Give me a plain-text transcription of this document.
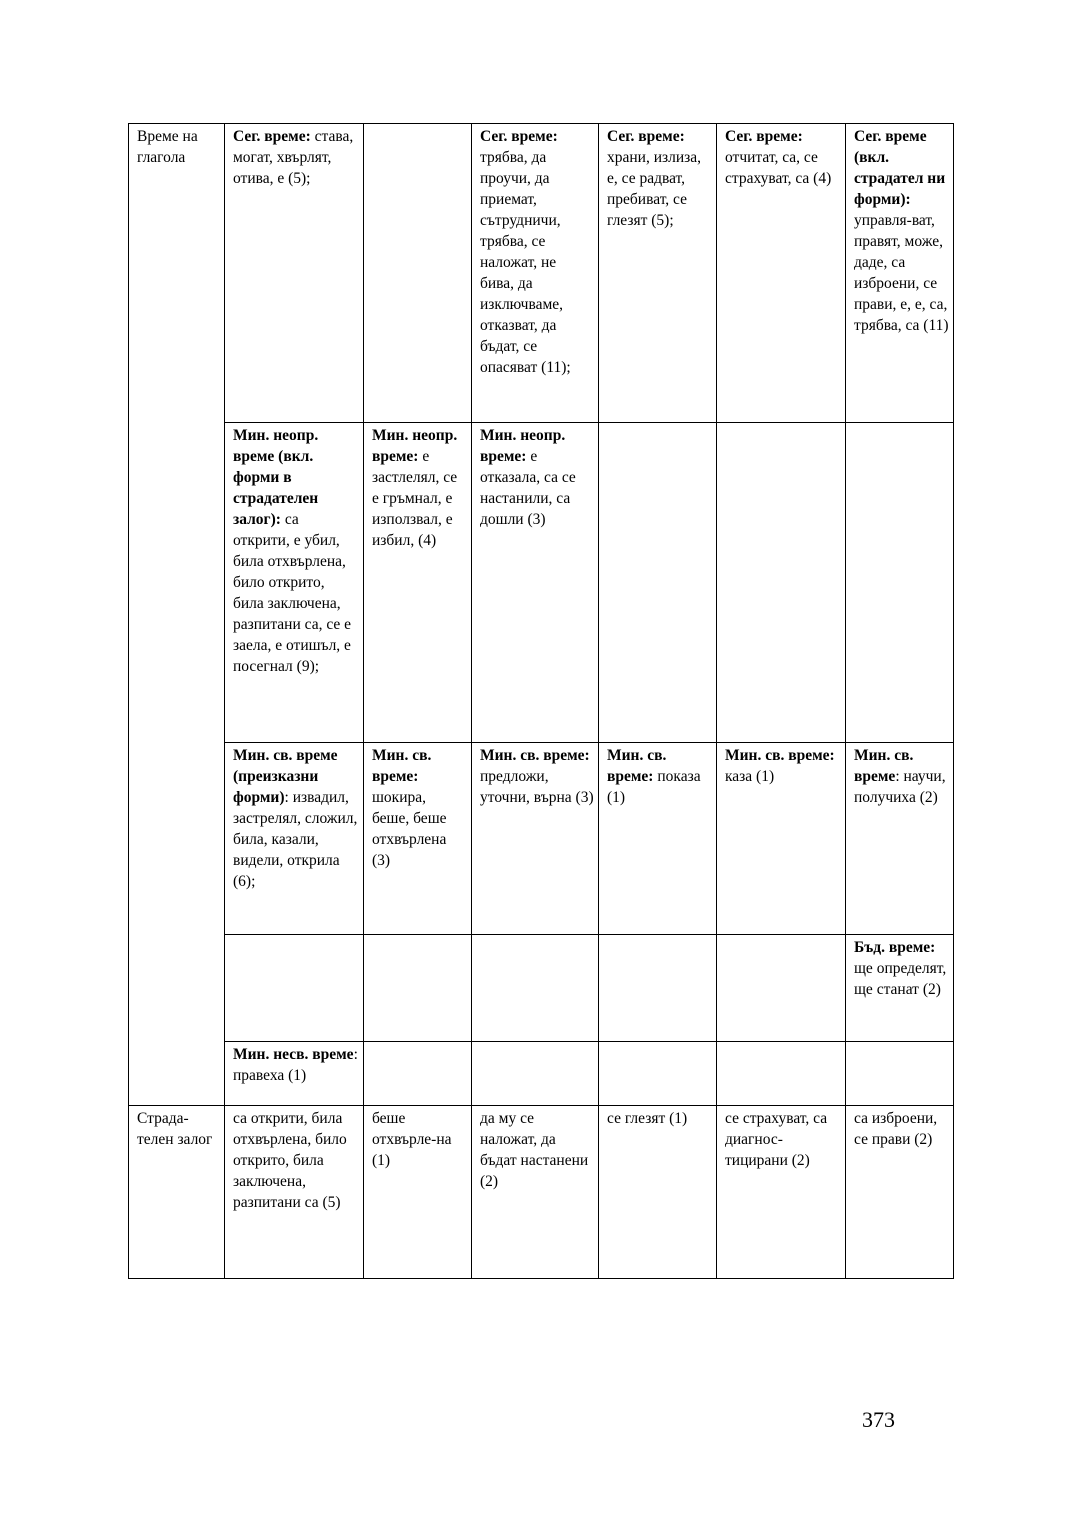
Време на глагола	Сег. време: става, могат, хвърлят, отива, е (5);		Сег. време: трябва, да проучи, да приемат, сътрудничи, трябва, се наложат, не бива, да изключваме, отказват, да бъдат, се опасяват (11);	Сег. време: храни, излиза, е, се радват, пребиват, се глезят (5);	Сег. време: отчитат, са, се страхуват, са (4)	Сег. време (вкл. страдател ни форми): управля-ват, правят, може, даде, са изброени, се прави, е, е, са, трябва, са (11)
	Мин. неопр. време (вкл. форми в страдателен залог): са открити, е убил, била отхвърлена, било открито, била заключена, разпитани са, се е заела, е отишъл, е посегнал (9);	Мин. неопр. време: е застлелял, се е гръмнал, е използвал, е избил, (4)	Мин. неопр. време: е отказала, са се настанили, са дошли (3)			
	Мин. св. време (преизказни форми): извадил, застрелял, сложил, била, казали, видели, открила (6);	Мин. св. време: шокира, беше, беше отхвърлена (3)	Мин. св. време: предложи, уточни, върна (3)	Мин. св. време: показа (1)	Мин. св. време: каза (1)	Мин. св. време: научи, получиха (2)
						Бъд. време: ще определят, ще станат (2)
	Мин. несв. време: правеха (1)					
Страда-телен залог	са открити, била отхвърлена, било открито, била заключена, разпитани са (5)	беше отхвърле-на (1)	да му се наложат, да бъдат настанени (2)	се глезят (1)	се страхуват, са диагнос-тицирани (2)	са изброени, се прави (2)
373
